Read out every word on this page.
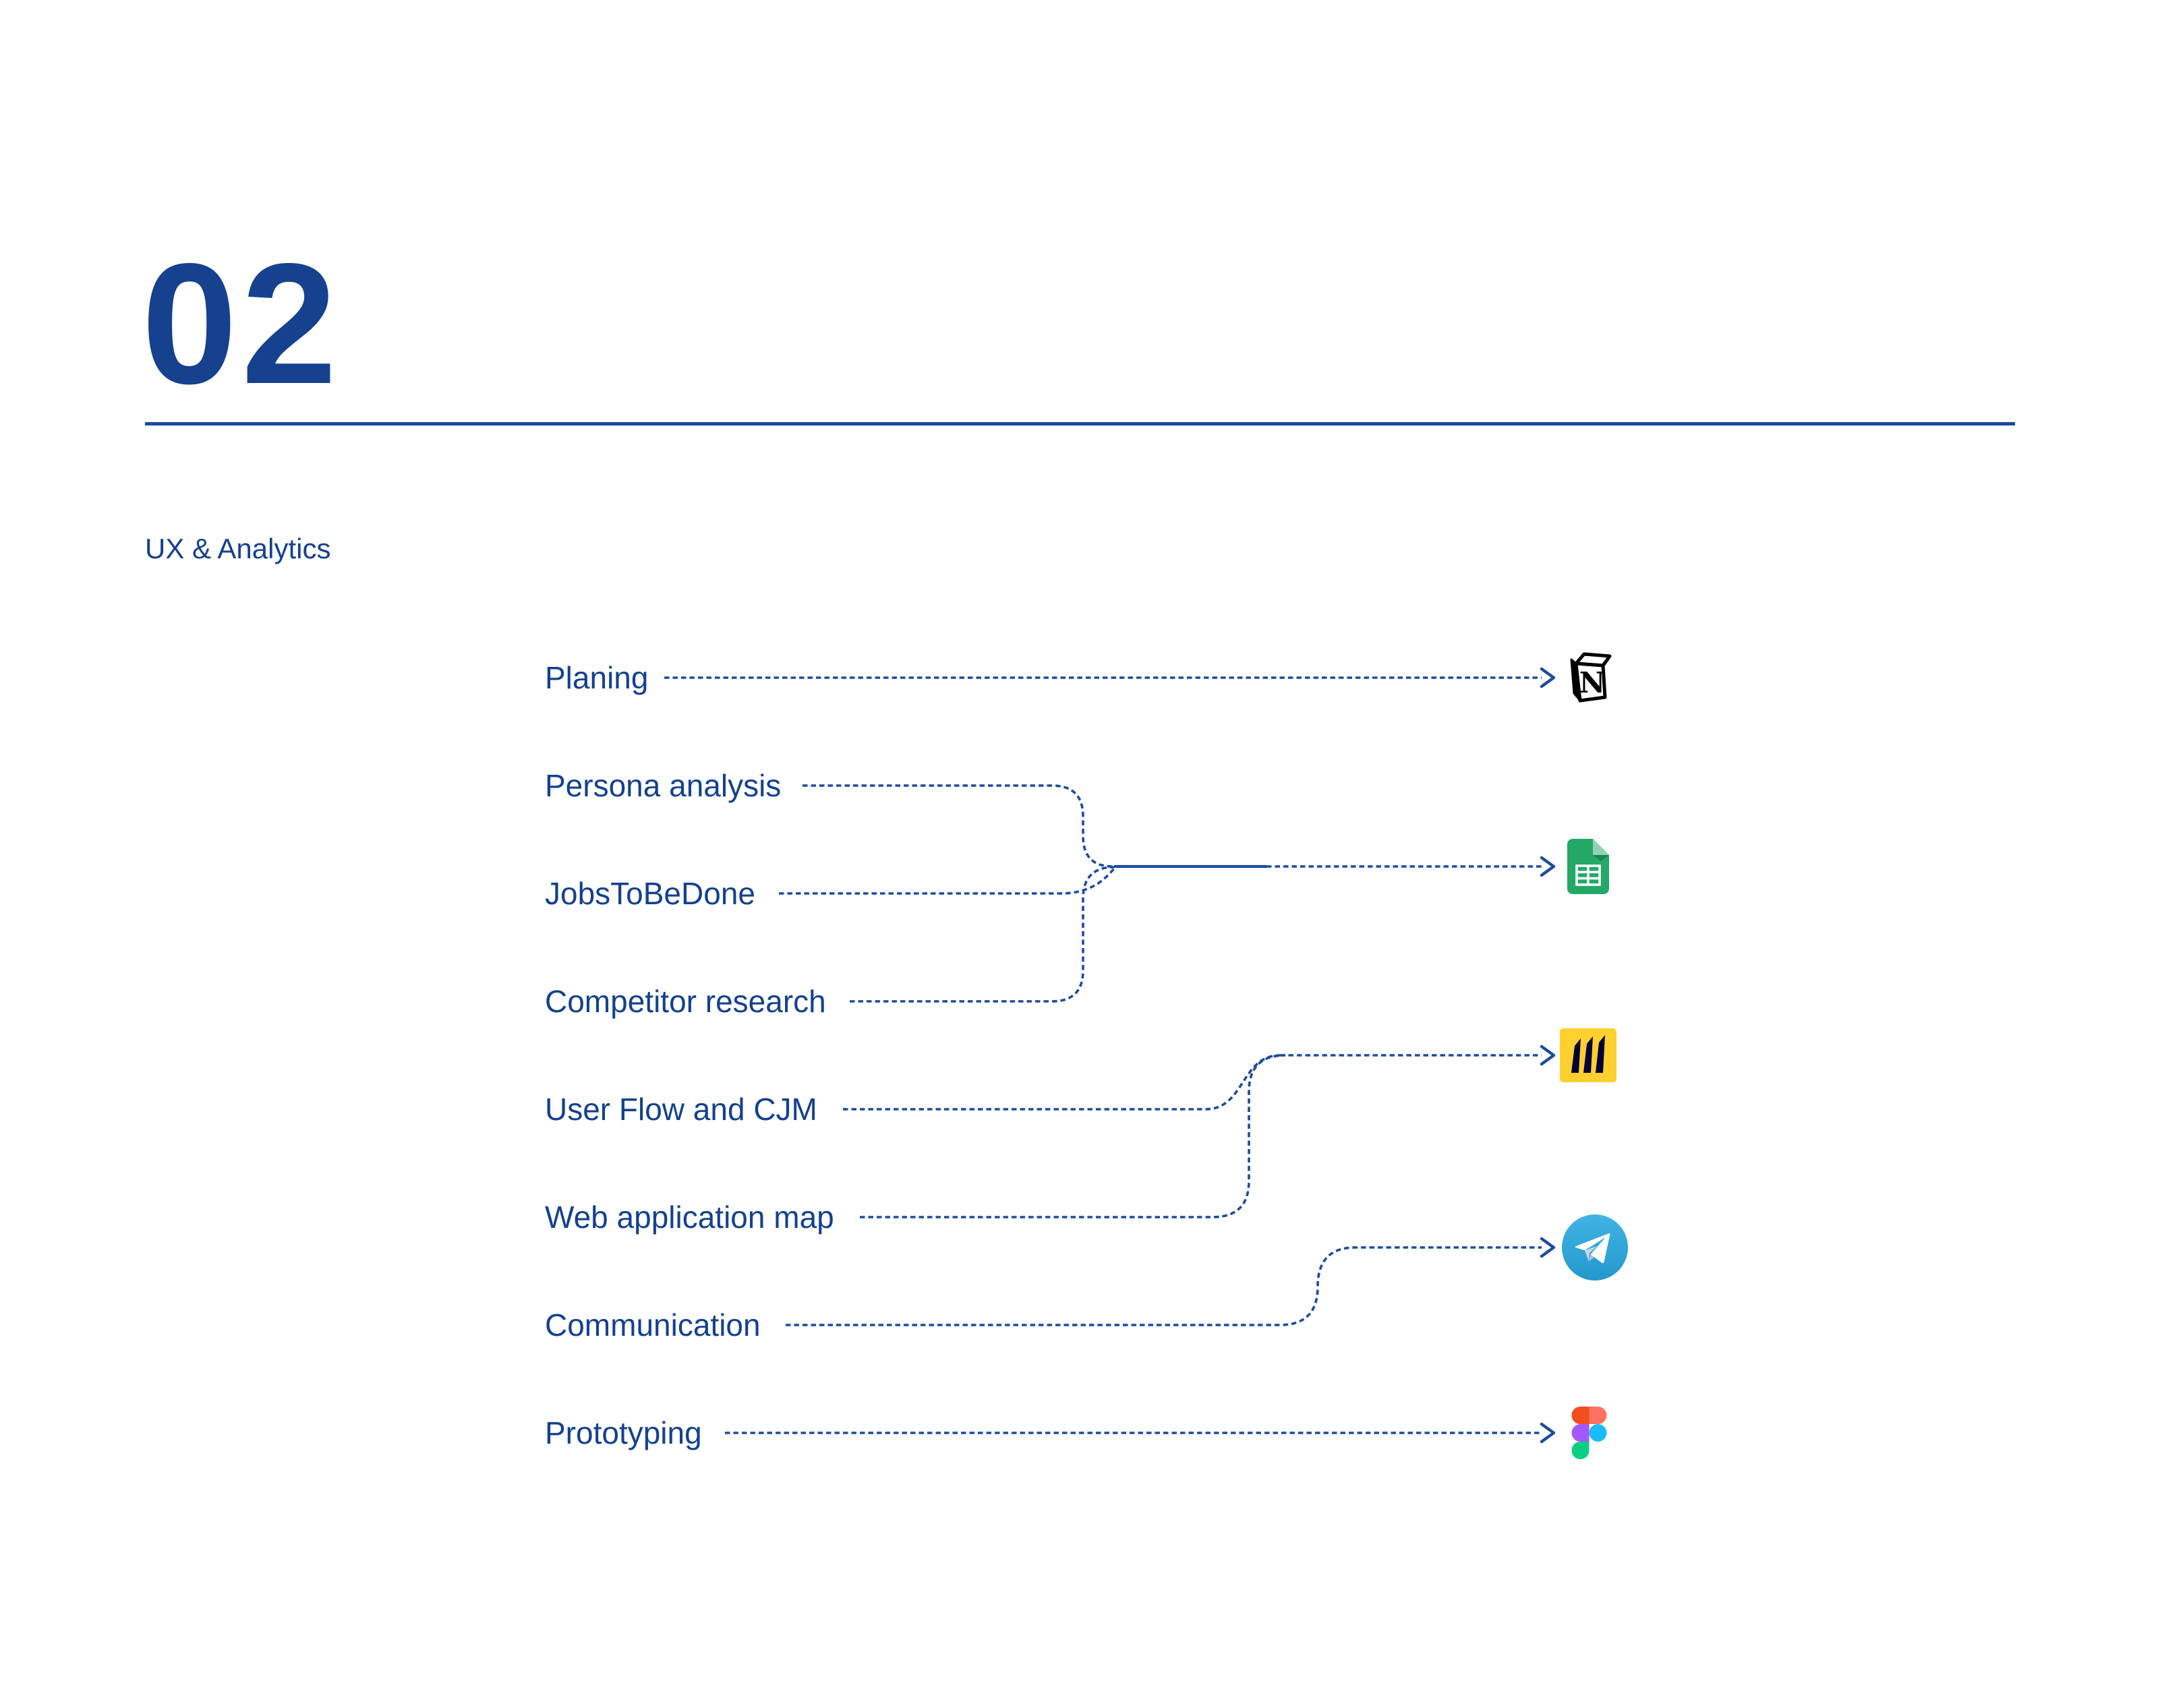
02
UX & Analytics
Planing
Persona analysis
JobsToBeDone
Competitor research
User Flow and CJM
Web application map
Communication
Prototyping
N
